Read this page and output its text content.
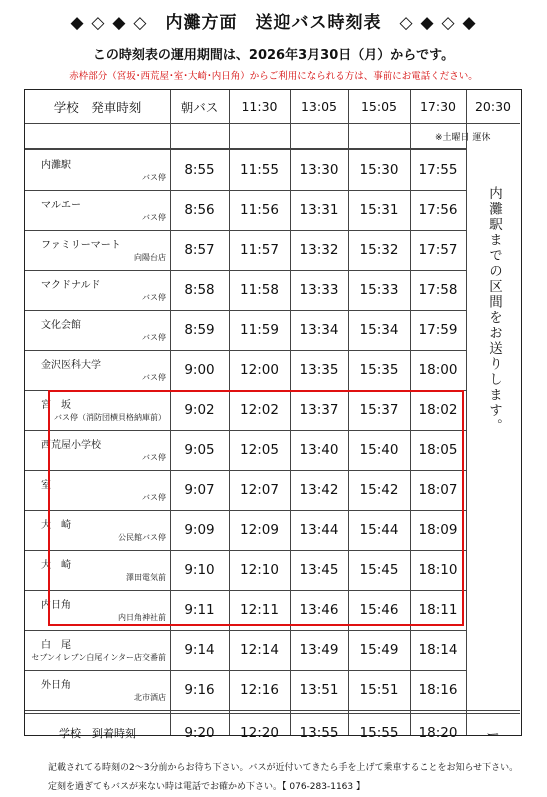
◆ ◇ ◆ ◇　内灘方面　送迎バス時刻表　◇ ◆ ◇ ◆
この時刻表の運用期間は、2026年3月30日（月）からです。
赤枠部分（宮坂･西荒屋･室･大崎･内日角）からご利用になられる方は、事前にお電話ください。
学校　発車時刻	朝バス	11:30	13:05	15:05	17:30	20:30
※土曜日 運休
内灘駅までの区間をお送りします。
内灘駅
バス停	8:55	11:55	13:30	15:30	17:55
マルエー
バス停	8:56	11:56	13:31	15:31	17:56
ファミリーマート
向陽台店	8:57	11:57	13:32	15:32	17:57
マクドナルド
バス停	8:58	11:58	13:33	15:33	17:58
文化会館
バス停	8:59	11:59	13:34	15:34	17:59
金沢医科大学
バス停	9:00	12:00	13:35	15:35	18:00
宮　坂
バス停（消防団横貝格納庫前）	9:02	12:02	13:37	15:37	18:02
西荒屋小学校
バス停	9:05	12:05	13:40	15:40	18:05
室
バス停	9:07	12:07	13:42	15:42	18:07
大　崎
公民館バス停	9:09	12:09	13:44	15:44	18:09
大　崎
澤田電気前	9:10	12:10	13:45	15:45	18:10
内日角
内日角神社前	9:11	12:11	13:46	15:46	18:11
白　尾
セブンイレブン白尾インター店交番前	9:14	12:14	13:49	15:49	18:14
外日角
北市酒店	9:16	12:16	13:51	15:51	18:16
学校　到着時刻	9:20	12:20	13:55	15:55	18:20	ー
記載されてる時刻の2～3分前からお待ち下さい。バスが近付いてきたら手を上げて乗車することをお知らせ下さい。
定刻を過ぎてもバスが来ない時は電話でお確かめ下さい。【 076-283-1163 】
